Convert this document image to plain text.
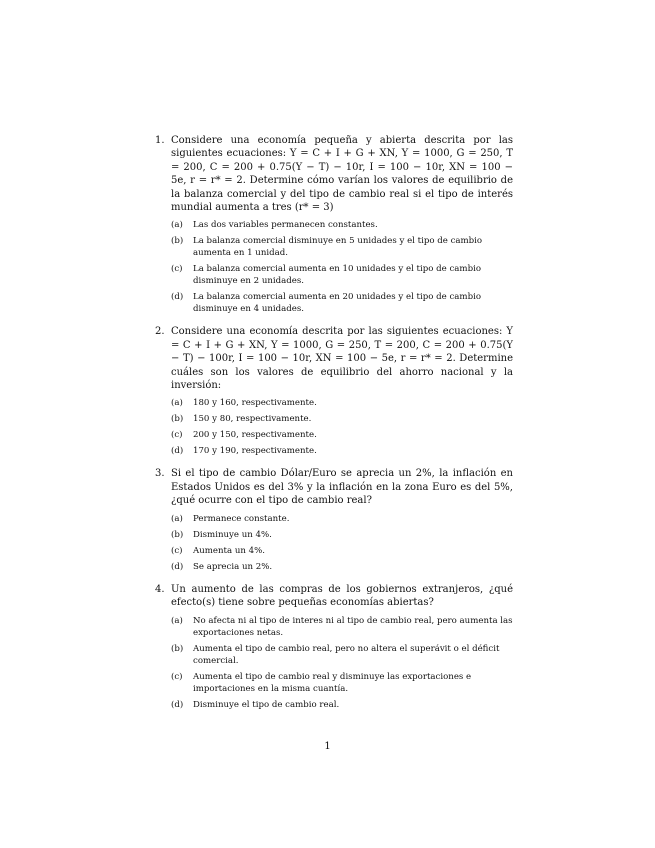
1. Considere una economía pequeña y abierta descrita por las siguientes ecuaciones: Y = C + I + G + XN, Y = 1000, G = 250, T = 200, C = 200 + 0.75(Y − T) − 10r, I = 100 − 10r, XN = 100 − 5e, r = r* = 2. Determine cómo varían los valores de equilibrio de la balanza comercial y del tipo de cambio real si el tipo de interés mundial aumenta a tres (r* = 3)
(a) Las dos variables permanecen constantes.
(b) La balanza comercial disminuye en 5 unidades y el tipo de cambio aumenta en 1 unidad.
(c) La balanza comercial aumenta en 10 unidades y el tipo de cambio disminuye en 2 unidades.
(d) La balanza comercial aumenta en 20 unidades y el tipo de cambio disminuye en 4 unidades.
2. Considere una economía descrita por las siguientes ecuaciones: Y = C + I + G + XN, Y = 1000, G = 250, T = 200, C = 200 + 0.75(Y − T) − 100r, I = 100 − 10r, XN = 100 − 5e, r = r* = 2. Determine cuáles son los valores de equilibrio del ahorro nacional y la inversión:
(a) 180 y 160, respectivamente.
(b) 150 y 80, respectivamente.
(c) 200 y 150, respectivamente.
(d) 170 y 190, respectivamente.
3. Si el tipo de cambio Dólar/Euro se aprecia un 2%, la inflación en Estados Unidos es del 3% y la inflación en la zona Euro es del 5%, ¿qué ocurre con el tipo de cambio real?
(a) Permanece constante.
(b) Disminuye un 4%.
(c) Aumenta un 4%.
(d) Se aprecia un 2%.
4. Un aumento de las compras de los gobiernos extranjeros, ¿qué efecto(s) tiene sobre pequeñas economías abiertas?
(a) No afecta ni al tipo de interes ni al tipo de cambio real, pero aumenta las exportaciones netas.
(b) Aumenta el tipo de cambio real, pero no altera el superávit o el déficit comercial.
(c) Aumenta el tipo de cambio real y disminuye las exportaciones e importaciones en la misma cuantía.
(d) Disminuye el tipo de cambio real.
1
